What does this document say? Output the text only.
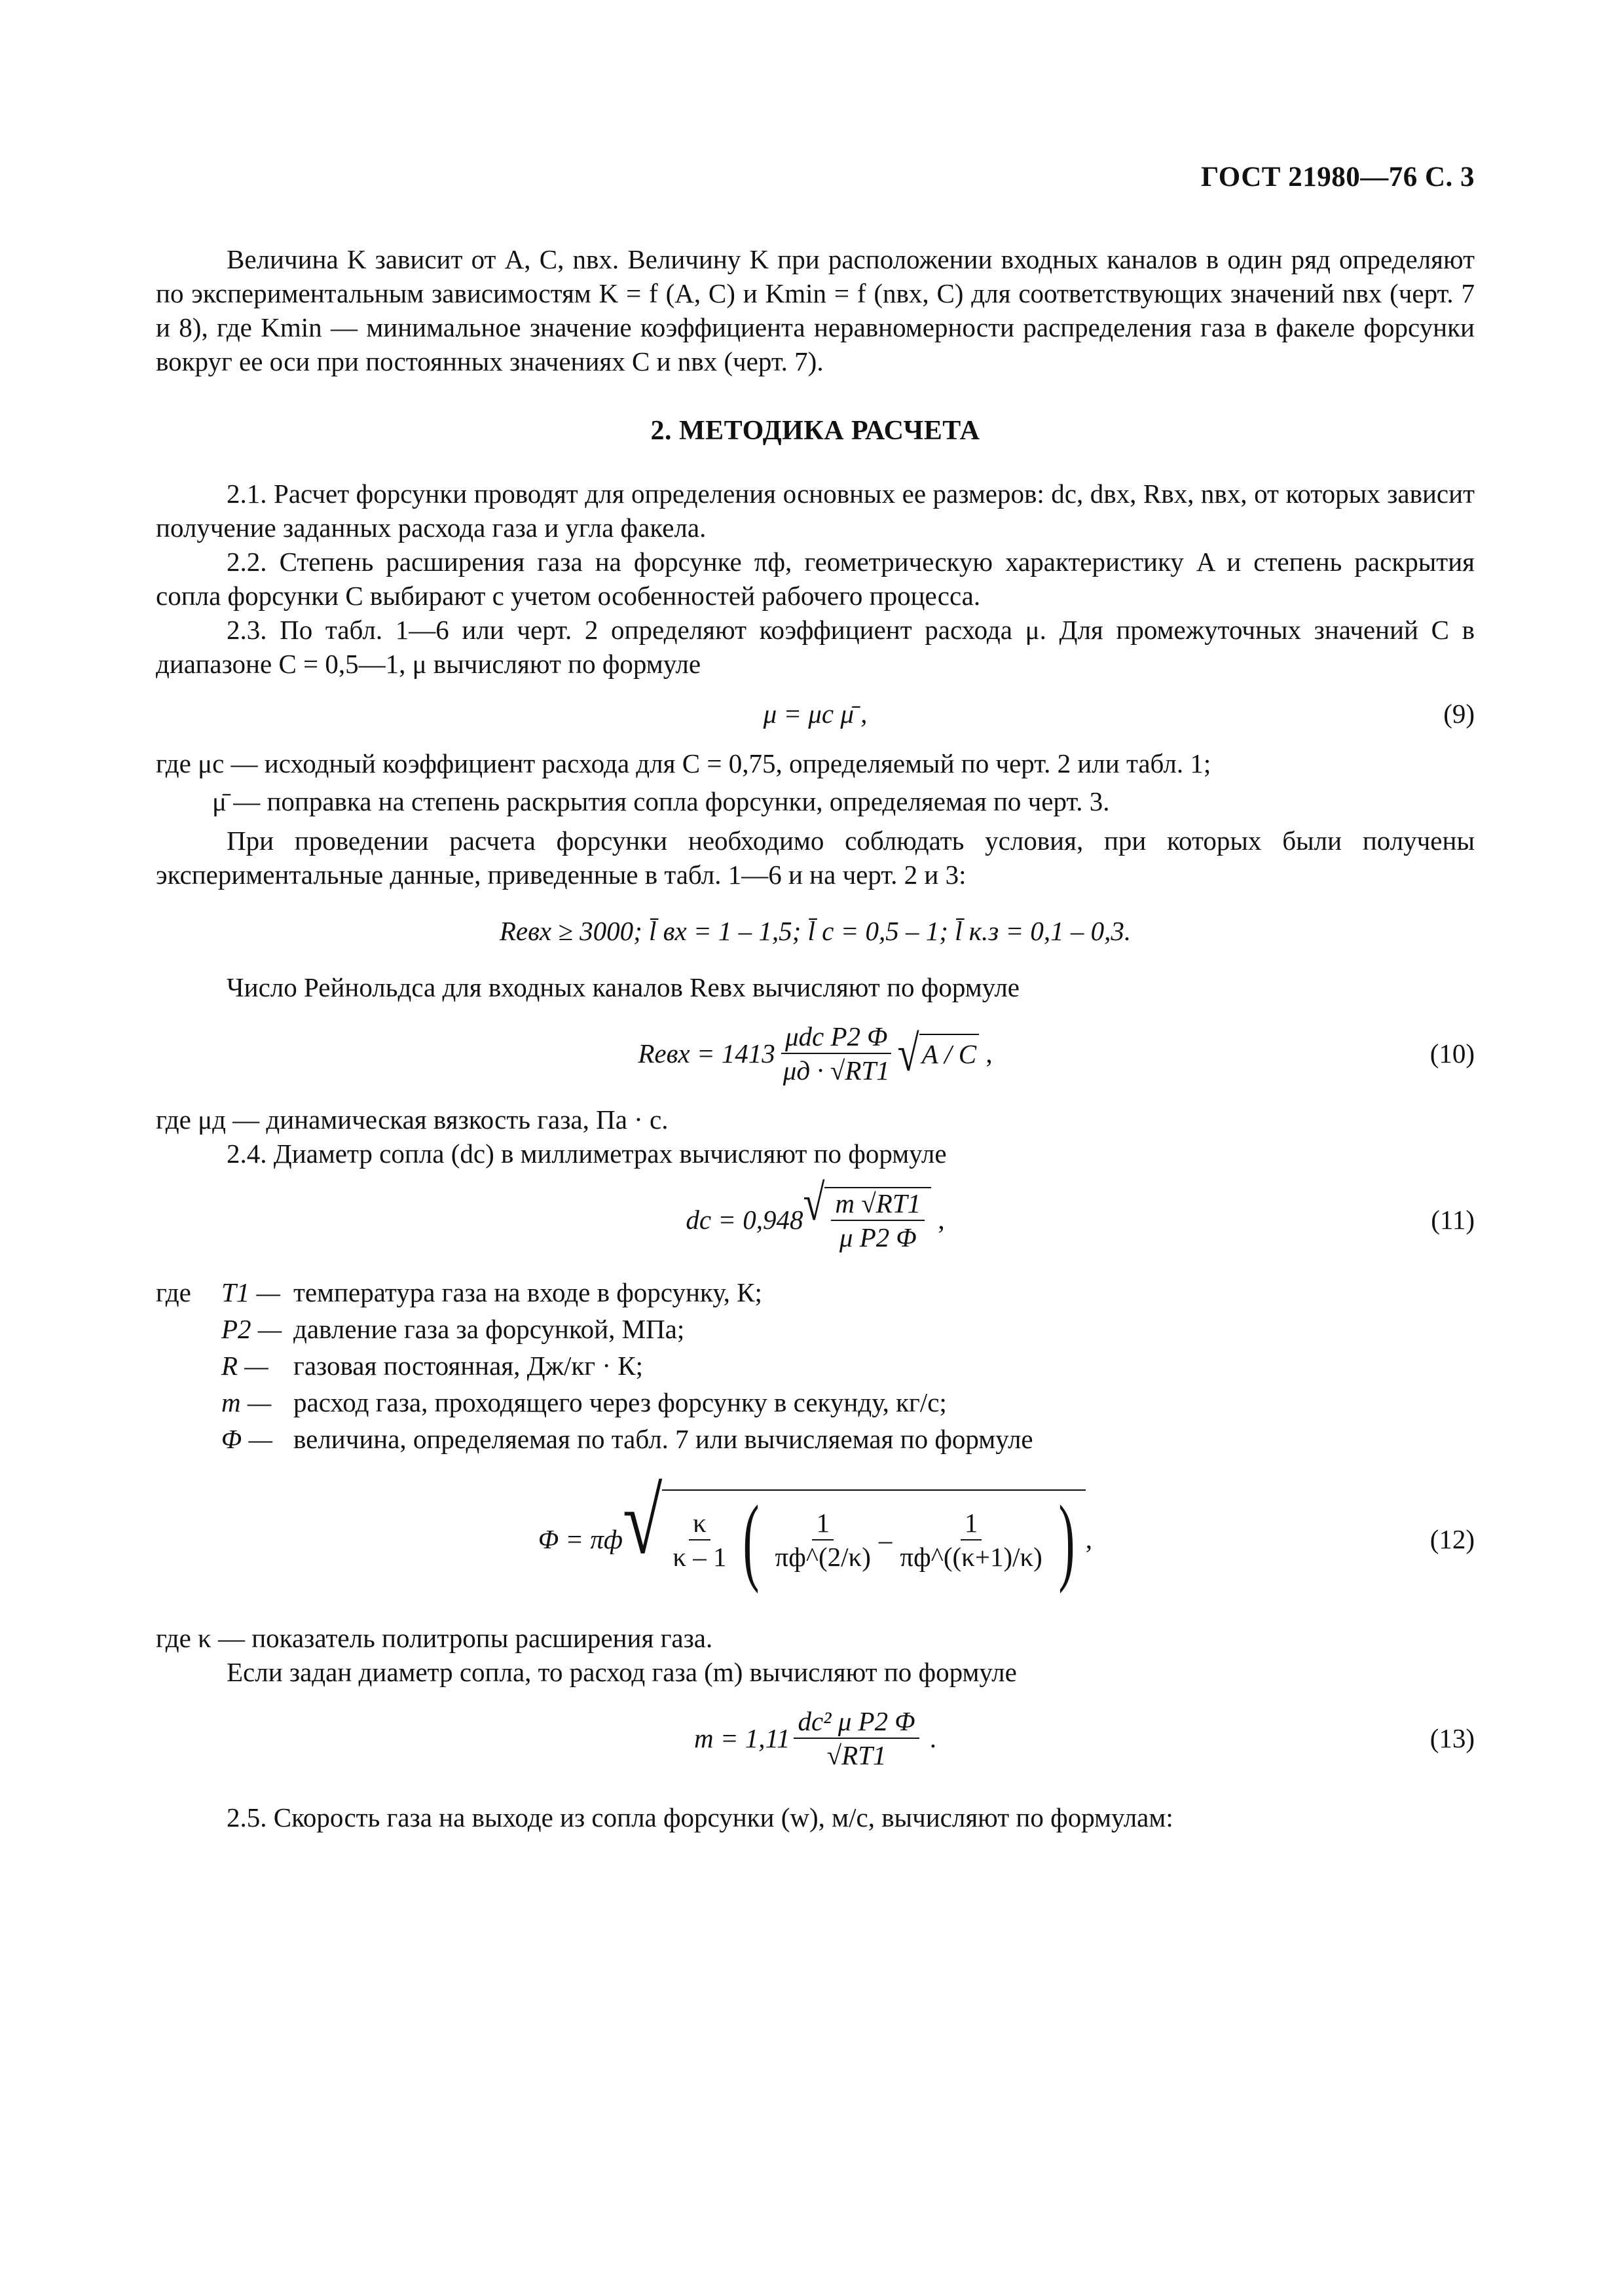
ГОСТ 21980—76 С. 3

Величина K зависит от A, C, nвх. Величину K при расположении входных каналов в один ряд определяют по экспериментальным зависимостям K = f (A, C) и Kmin = f (nвх, C) для соответствующих значений nвх (черт. 7 и 8), где Kmin — минимальное значение коэффициента неравномерности распределения газа в факеле форсунки вокруг ее оси при постоянных значениях C и nвх (черт. 7).

2. МЕТОДИКА РАСЧЕТА

2.1. Расчет форсунки проводят для определения основных ее размеров: dс, dвх, Rвх, nвх, от которых зависит получение заданных расхода газа и угла факела.

2.2. Степень расширения газа на форсунке πф, геометрическую характеристику A и степень раскрытия сопла форсунки C выбирают с учетом особенностей рабочего процесса.

2.3. По табл. 1—6 или черт. 2 определяют коэффициент расхода μ. Для промежуточных значений C в диапазоне C = 0,5—1, μ вычисляют по формуле

μ = μс μ̄ ,	(9)

где μс — исходный коэффициент расхода для C = 0,75, определяемый по черт. 2 или табл. 1;

μ̄ — поправка на степень раскрытия сопла форсунки, определяемая по черт. 3.

При проведении расчета форсунки необходимо соблюдать условия, при которых были получены экспериментальные данные, приведенные в табл. 1—6 и на черт. 2 и 3:

Reвх ≥ 3000; l̄ вх = 1 – 1,5; l̄ с = 0,5 – 1; l̄ к.з = 0,1 – 0,3.

Число Рейнольдса для входных каналов Reвх вычисляют по формуле

Reвх = $1413 \frac{\text{μdс P2 Φ}}{\mu д \cdot √RT1}$ √ A / C ,	(10)

где μд — динамическая вязкость газа, Па · с.

2.4. Диаметр сопла (dс) в миллиметрах вычисляют по формуле

dс = 0,948 √ $\frac{m √RT1}{\text{μ P2 Φ}}$ ,	(11)
где	T1 — температура газа на входе в форсунку, К;
P2 — давление газа за форсункой, МПа;
R — газовая постоянная, Дж/кг · К;
m — расход газа, проходящего через форсунку в секунду, кг/с;
Φ — величина, определяемая по табл. 7 или вычисляемая по формуле
Φ = πф √ $\frac{\kappa}{\kappa - 1}$ ( $\frac{1}{\pi ф\^{}(2/\kappa)} - \frac{1}{\pi ф\^{}((\kappa+1)/\kappa)}$ ) ,	(12)

где κ — показатель политропы расширения газа.

Если задан диаметр сопла, то расход газа (m) вычисляют по формуле

$m = 1,11 \frac{\text{dс² μ P2 Φ}}{√RT1}$ .	(13)

2.5. Скорость газа на выходе из сопла форсунки (w), м/с, вычисляют по формулам:
